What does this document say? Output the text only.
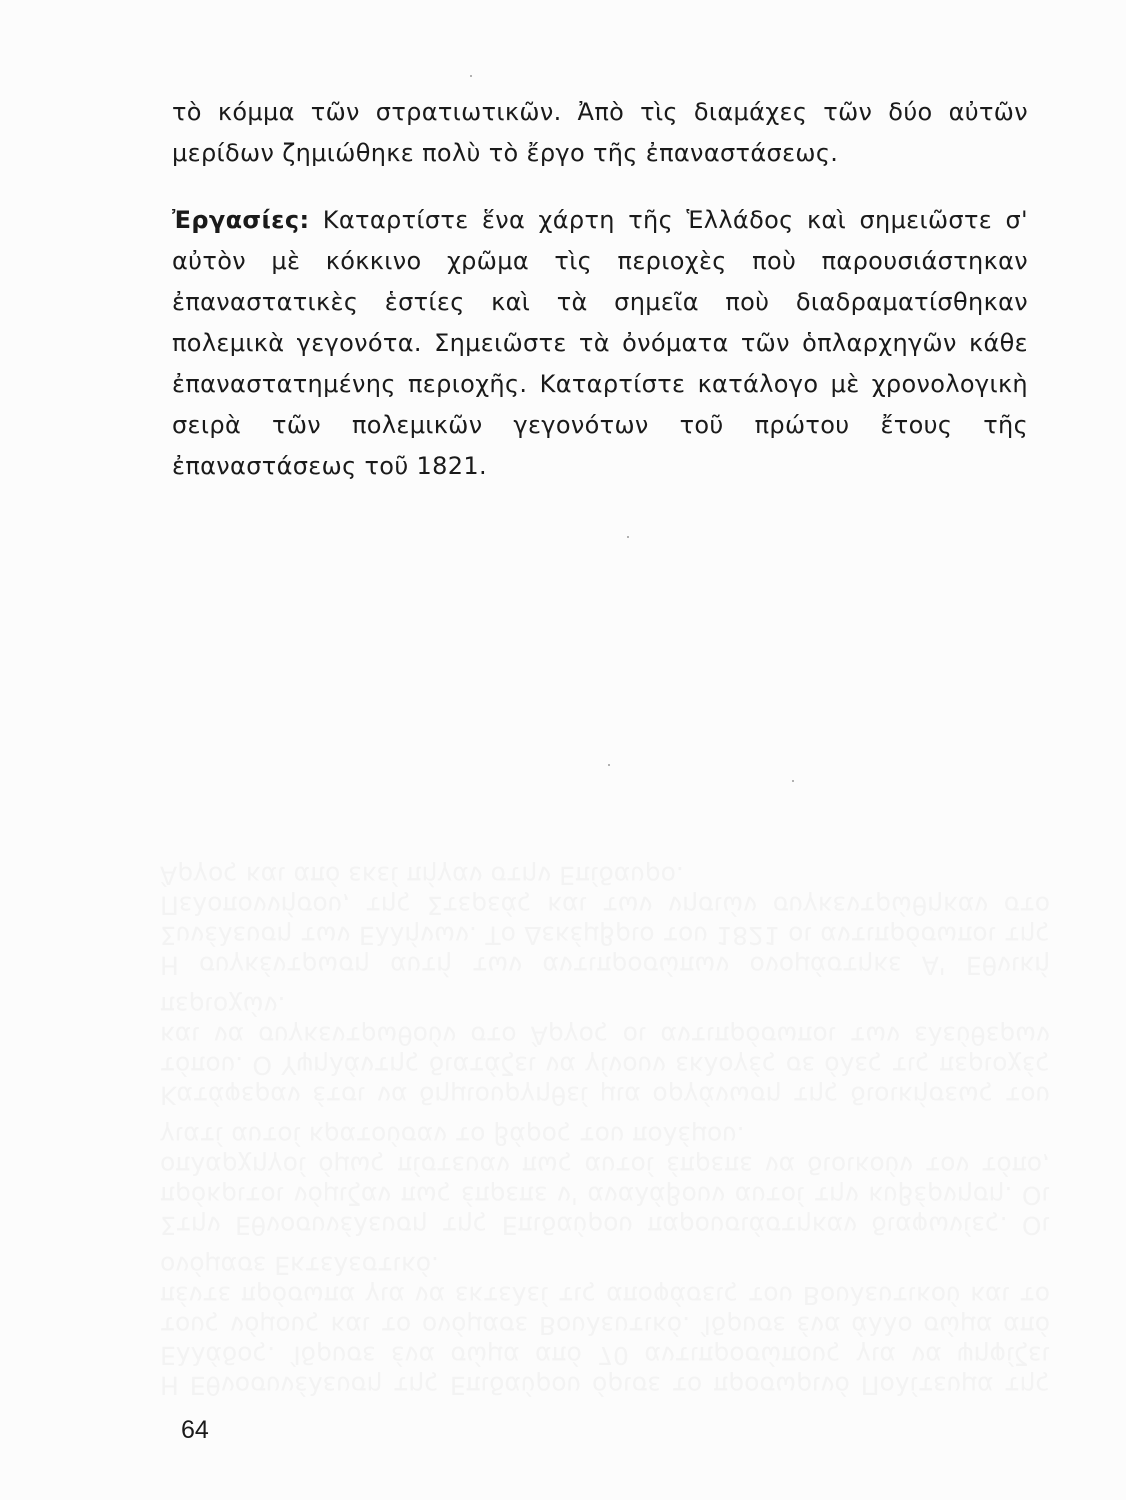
Η Εθνοσυνέλευση της Επιδαύρου όρισε το προσωρινό Πολίτευμα της Ελλάδος. Ίδρυσε ένα σώμα από 70 αντιπροσώπους για να ψηφίζει τους νόμους και το ονόμασε Βουλευτικό. Ίδρυσε ένα άλλο σώμα από πέντε πρόσωπα για να εκτελεί τις αποφάσεις του Βουλευτικού και το ονόμασε Εκτελεστικό.

Στην Εθνοσυνέλευση της Επιδαύρου παρουσιάστηκαν διαφωνίες. Οι πρόκριτοι νόμιζαν πως έπρεπε ν' αναλάβουν αυτοί την κυβέρνηση. Οι οπλαρχηγοί όμως πίστευαν πως αυτοί έπρεπε να διοικούν τον τόπο, γιατί αυτοί κρατούσαν το βάρος του πολέμου.

Κατάφεραν έτσι να δημιουργηθεί μια οργάνωση της διοικήσεως του τόπου. Ο Υψηλάντης διατάζει να γίνουν εκλογές σε όλες τις περιοχές και να συγκεντρωθούν στο Άργος οι αντιπρόσωποι των ελεύθερων περιοχών.

Η συγκέντρωση αυτή των αντιπροσώπων ονομάστηκε Α' Εθνική Συνέλευση των Ελλήνων. Το Δεκέμβριο του 1821 οι αντιπρόσωποι της Πελοποννήσου, της Στερεάς και των νησιών συγκεντρώθηκαν στο Άργος και από εκεί πήγαν στην Επίδαυρο.

τὸ κόμμα τῶν στρατιωτικῶν. Ἀπὸ τὶς διαμάχες τῶν δύο αὐτῶν μερίδων ζημιώθηκε πολὺ τὸ ἔργο τῆς ἐπαναστάσεως.

Ἐργασίες: Καταρτίστε ἕνα χάρτη τῆς Ἑλλάδος καὶ σημειῶστε σ' αὐτὸν μὲ κόκκινο χρῶμα τὶς περιοχὲς ποὺ παρουσιάστηκαν ἐπαναστατικὲς ἑστίες καὶ τὰ σημεῖα ποὺ διαδραματίσθηκαν πολεμικὰ γεγονότα. Σημειῶστε τὰ ὀνόματα τῶν ὁπλαρχηγῶν κάθε ἐπαναστατημένης περιοχῆς. Καταρτίστε κατάλογο μὲ χρονολογικὴ σειρὰ τῶν πολεμικῶν γεγονότων τοῦ πρώτου ἔτους τῆς ἐπαναστάσεως τοῦ 1821.

64
